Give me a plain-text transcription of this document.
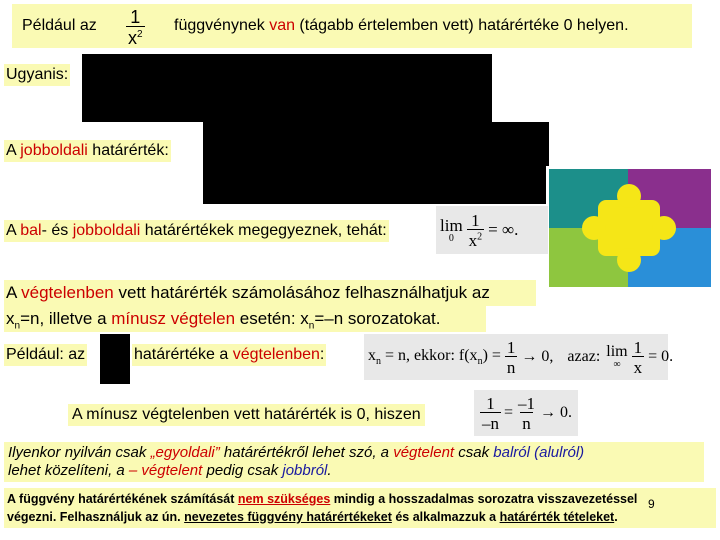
Például az $\frac{1}{x^2}$ függvénynek van (tágabb értelemben vett) határértéke 0 helyen.
Ugyanis:
A jobboldali határérték:
A bal- és jobboldali határértékek megegyeznek, tehát:	lim
$0 \frac{1}{x^2}$ = ∞.
A végtelenben vett határérték számolásához felhasználhatjuk az
$x_n=n$, illetve a mínusz végtelen esetén: $x_n=-n$ sorozatokat.
Például: az	határértéke a végtelenben:	$x_n = n$, ekkor: $f(x_n) = \frac{1}{n} \to 0$, azaz: lim
∞ $\frac{1}{x} = 0$.
A mínusz végtelenben vett határérték is 0, hiszen	$\frac{1}{-n} = \frac{-1}{n} \to 0$.
Ilyenkor nyilván csak „egyoldali” határértékről lehet szó, a végtelent csak balról (alulról)
lehet közelíteni, a – végtelent pedig csak jobbról.
A függvény határértékének számítását nem szükséges mindig a hosszadalmas sorozatra visszavezetéssel
végezni. Felhasználjuk az ún. nevezetes függvény határértékeket és alkalmazzuk a határérték tételeket.
9
